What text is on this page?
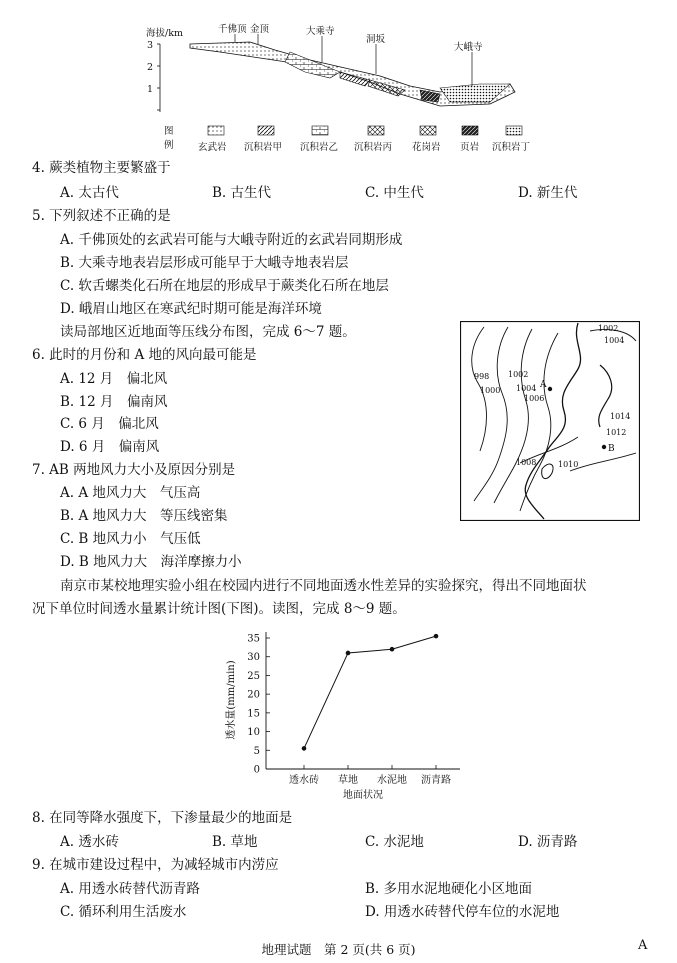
海拔/km
3
2
1
千佛顶 金顶	大乘寺
洞坂
大峨寺
图
例	玄武岩 沉积岩甲 沉积岩乙 沉积岩丙 花岗岩 页岩 沉积岩丁
4. 蕨类植物主要繁盛于
A. 太古代	B. 古生代	C. 中生代	D. 新生代
5. 下列叙述不正确的是
A. 千佛顶处的玄武岩可能与大峨寺附近的玄武岩同期形成
B. 大乘寺地表岩层形成可能早于大峨寺地表岩层
C. 软舌螺类化石所在地层的形成早于蕨类化石所在地层
D. 峨眉山地区在寒武纪时期可能是海洋环境
读局部地区近地面等压线分布图，完成 6～7 题。
6. 此时的月份和 A 地的风向最可能是
A. 12 月　偏北风
B. 12 月　偏南风
C. 6 月　偏北风
D. 6 月　偏南风
7. AB 两地风力大小及原因分别是
A. A 地风力大　气压高
B. A 地风力大　等压线密集
C. B 地风力小　气压低
D. B 地风力大　海洋摩擦力小
1002
1004
998
1000
1002
1004
1006
1008	1010
1012
1014
A
B
南京市某校地理实验小组在校园内进行不同地面透水性差异的实验探究，得出不同地面状
况下单位时间透水量累计统计图(下图)。读图，完成 8～9 题。
0
5
10
15
20
25
30
35
透水砖 草地 水泥地 沥青路
透水量(mm/min)
地面状况
8. 在同等降水强度下，下渗量最少的地面是
A. 透水砖	B. 草地	C. 水泥地	D. 沥青路
9. 在城市建设过程中，为减轻城市内涝应
A. 用透水砖替代沥青路	B. 多用水泥地硬化小区地面
C. 循环利用生活废水	D. 用透水砖替代停车位的水泥地
地理试题　第 2 页(共 6 页)	A
